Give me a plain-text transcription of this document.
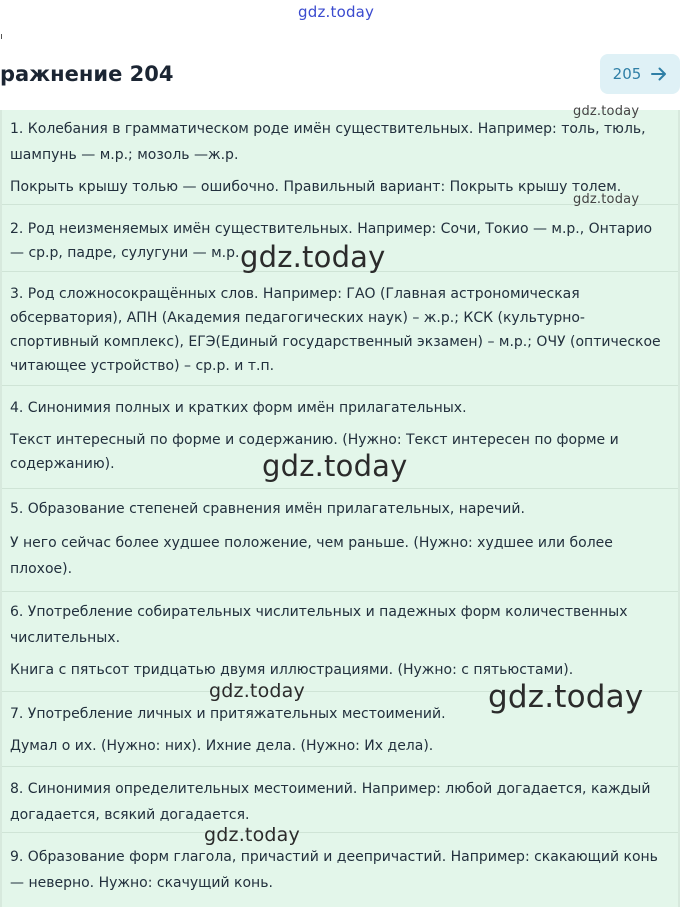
gdz.today
ражнение 204	205

1. Колебания в грамматическом роде имён существительных. Например: толь, тюль,

шампунь — м.р.; мозоль —ж.р.

Покрыть крышу толью — ошибочно. Правильный вариант: Покрыть крышу толем.

2. Род неизменяемых имён существительных. Например: Сочи, Токио — м.р., Онтарио

— ср.р, падре, сулугуни — м.р.

3. Род сложносокращённых слов. Например: ГАО (Главная астрономическая

обсерватория), АПН (Академия педагогических наук) – ж.р.; КСК (культурно-

спортивный комплекс), ЕГЭ(Единый государственный экзамен) – м.р.; ОЧУ (оптическое

читающее устройство) – ср.р. и т.п.

4. Синонимия полных и кратких форм имён прилагательных.

Текст интересный по форме и содержанию. (Нужно: Текст интересен по форме и

содержанию).

5. Образование степеней сравнения имён прилагательных, наречий.

У него сейчас более худшее положение, чем раньше. (Нужно: худшее или более

плохое).

6. Употребление собирательных числительных и падежных форм количественных

числительных.

Книга с пятьсот тридцатью двумя иллюстрациями. (Нужно: с пятьюстами).

7. Употребление личных и притяжательных местоимений.

Думал о их. (Нужно: них). Ихние дела. (Нужно: Их дела).

8. Синонимия определительных местоимений. Например: любой догадается, каждый

догадается, всякий догадается.

9. Образование форм глагола, причастий и деепричастий. Например: скакающий конь

— неверно. Нужно: скачущий конь.

gdz.today
gdz.today
gdz.today
gdz.today
gdz.today	gdz.today
gdz.today
